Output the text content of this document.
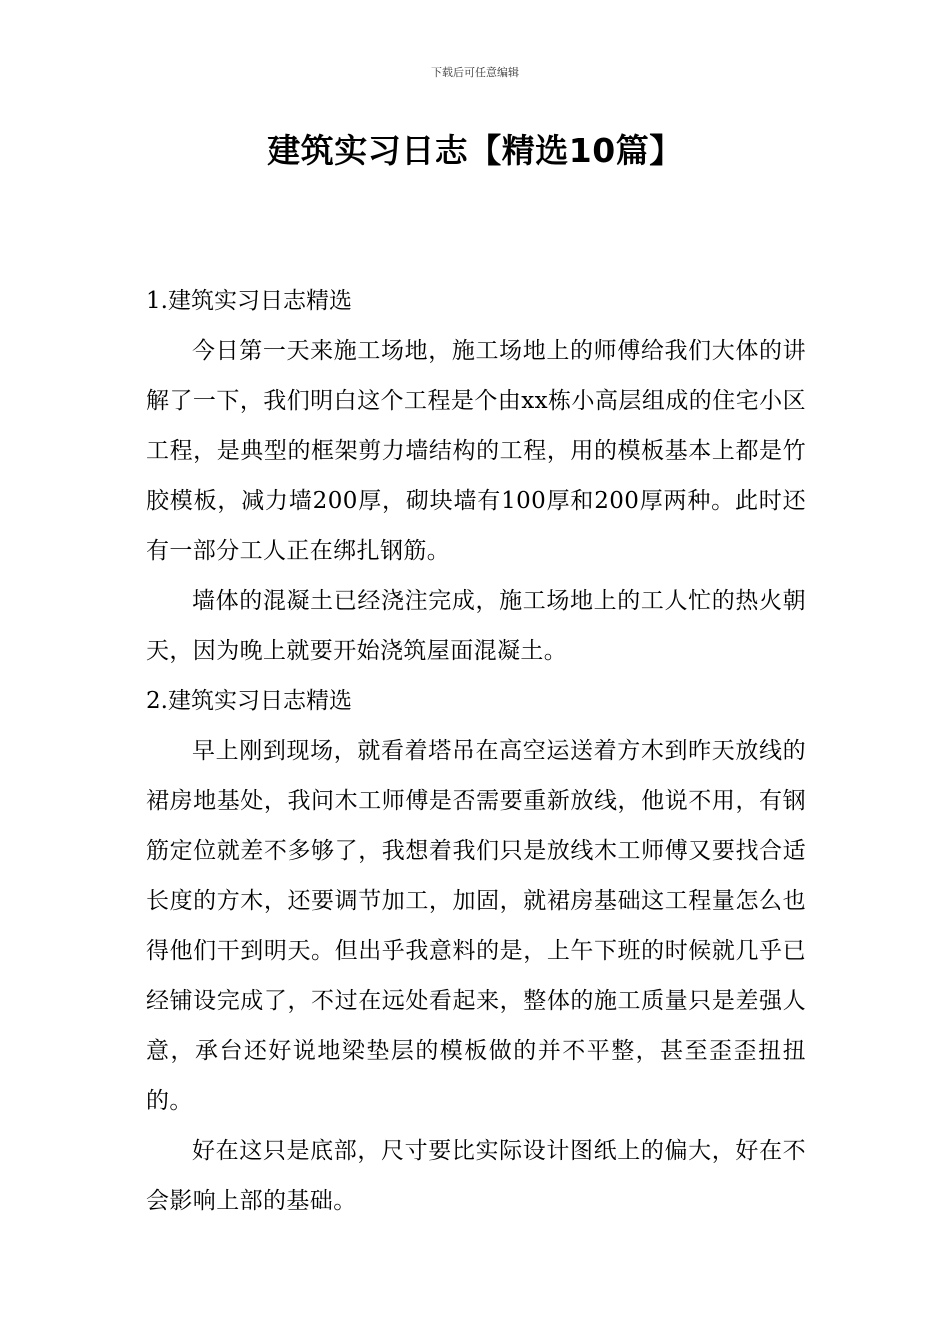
下载后可任意编辑
建筑实习日志【精选10篇】
1.建筑实习日志精选

今日第一天来施工场地，施工场地上的师傅给我们大体的讲解了一下，我们明白这个工程是个由xx栋小高层组成的住宅小区工程，是典型的框架剪力墙结构的工程，用的模板基本上都是竹胶模板，减力墙200厚，砌块墙有100厚和200厚两种。此时还有一部分工人正在绑扎钢筋。

墙体的混凝土已经浇注完成，施工场地上的工人忙的热火朝天，因为晚上就要开始浇筑屋面混凝土。

2.建筑实习日志精选

早上刚到现场，就看着塔吊在高空运送着方木到昨天放线的裙房地基处，我问木工师傅是否需要重新放线，他说不用，有钢筋定位就差不多够了，我想着我们只是放线木工师傅又要找合适长度的方木，还要调节加工，加固，就裙房基础这工程量怎么也得他们干到明天。但出乎我意料的是，上午下班的时候就几乎已经铺设完成了，不过在远处看起来，整体的施工质量只是差强人意，承台还好说地梁垫层的模板做的并不平整，甚至歪歪扭扭的。

好在这只是底部，尺寸要比实际设计图纸上的偏大，好在不会影响上部的基础。
